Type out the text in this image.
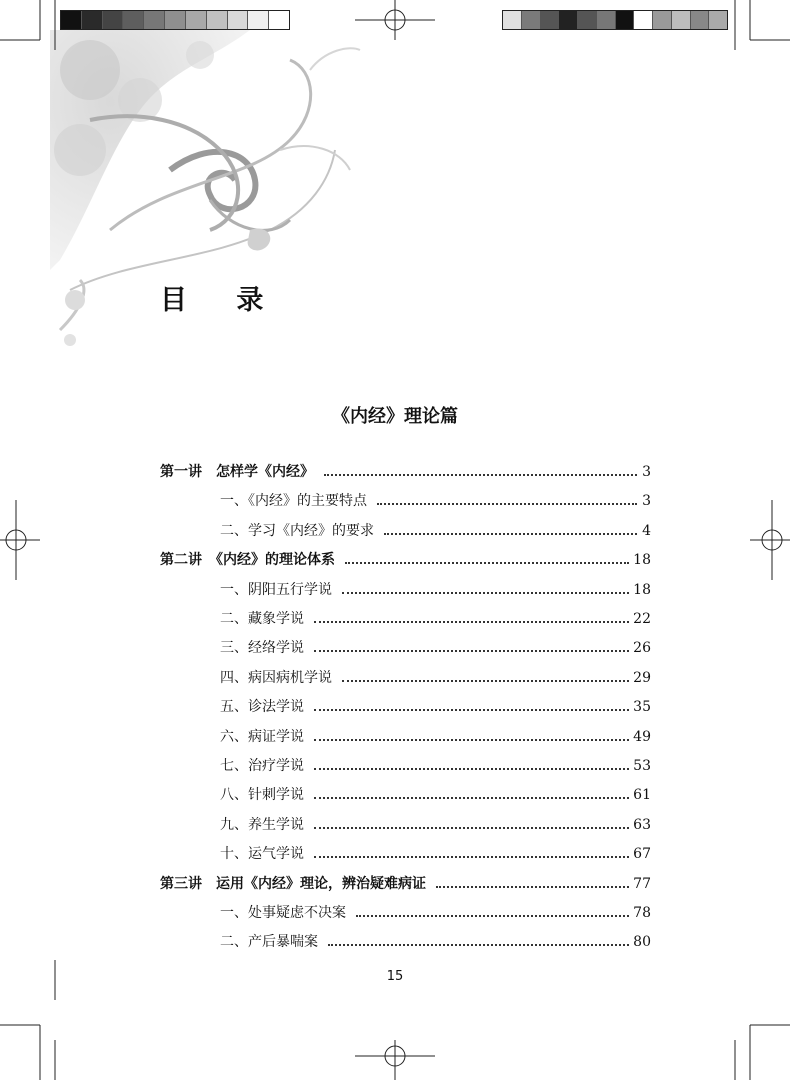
目 录
《内经》理论篇
第一讲　怎样学《内经》	3
一、《内经》的主要特点	3
二、学习《内经》的要求	4
第二讲　《内经》的理论体系	18
一、阴阳五行学说	18
二、藏象学说	22
三、经络学说	26
四、病因病机学说	29
五、诊法学说	35
六、病证学说	49
七、治疗学说	53
八、针刺学说	61
九、养生学说	63
十、运气学说	67
第三讲　运用《内经》理论，辨治疑难病证	77
一、处事疑虑不决案	78
二、产后暴喘案	80
15
